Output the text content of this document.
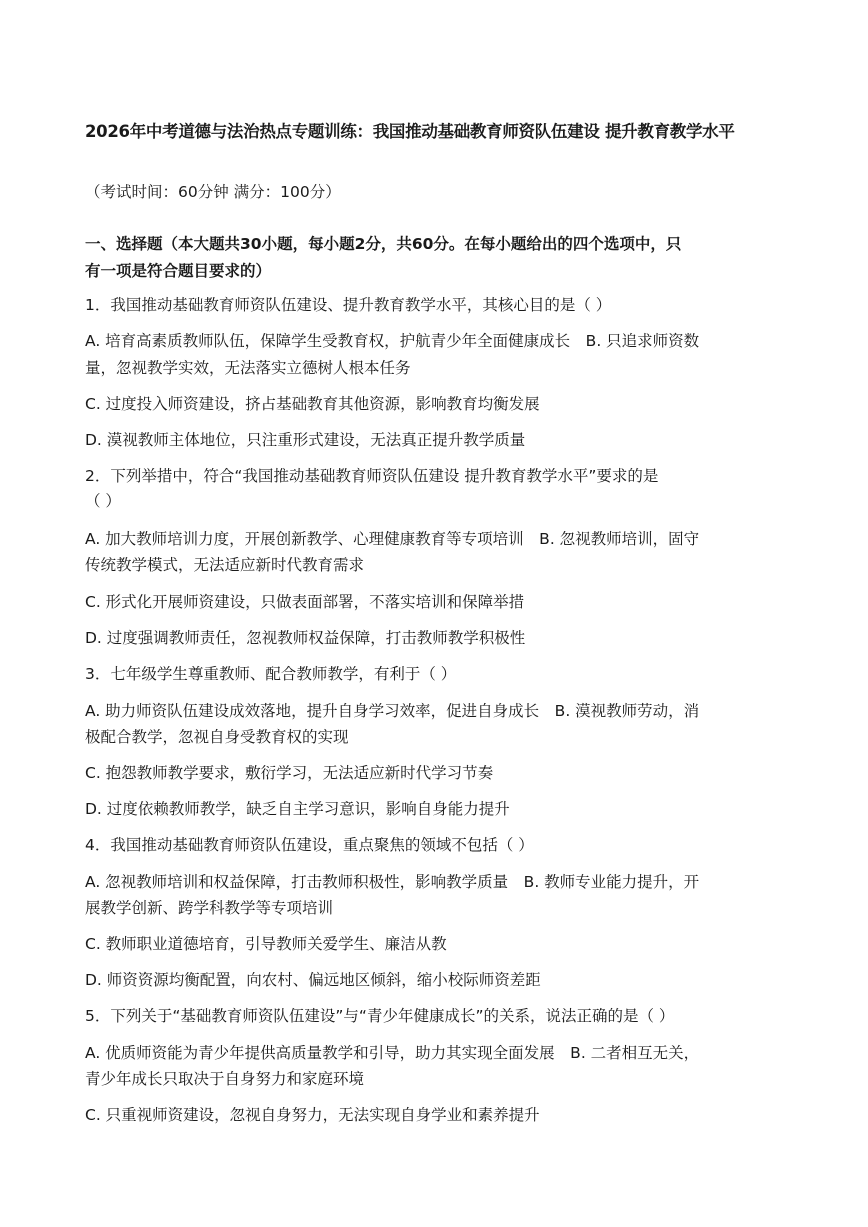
2026年中考道德与法治热点专题训练：我国推动基础教育师资队伍建设 提升教育教学水平
（考试时间：60分钟 满分：100分）
一、选择题（本大题共30小题，每小题2分，共60分。在每小题给出的四个选项中，只
有一项是符合题目要求的）
1．我国推动基础教育师资队伍建设、提升教育教学水平，其核心目的是（ ）
A. 培育高素质教师队伍，保障学生受教育权，护航青少年全面健康成长　B. 只追求师资数
量，忽视教学实效，无法落实立德树人根本任务
C. 过度投入师资建设，挤占基础教育其他资源，影响教育均衡发展
D. 漠视教师主体地位，只注重形式建设，无法真正提升教学质量
2．下列举措中，符合“我国推动基础教育师资队伍建设 提升教育教学水平”要求的是
（ ）
A. 加大教师培训力度，开展创新教学、心理健康教育等专项培训　B. 忽视教师培训，固守
传统教学模式，无法适应新时代教育需求
C. 形式化开展师资建设，只做表面部署，不落实培训和保障举措
D. 过度强调教师责任，忽视教师权益保障，打击教师教学积极性
3．七年级学生尊重教师、配合教师教学，有利于（ ）
A. 助力师资队伍建设成效落地，提升自身学习效率，促进自身成长　B. 漠视教师劳动，消
极配合教学，忽视自身受教育权的实现
C. 抱怨教师教学要求，敷衍学习，无法适应新时代学习节奏
D. 过度依赖教师教学，缺乏自主学习意识，影响自身能力提升
4．我国推动基础教育师资队伍建设，重点聚焦的领域不包括（ ）
A. 忽视教师培训和权益保障，打击教师积极性，影响教学质量　B. 教师专业能力提升，开
展教学创新、跨学科教学等专项培训
C. 教师职业道德培育，引导教师关爱学生、廉洁从教
D. 师资资源均衡配置，向农村、偏远地区倾斜，缩小校际师资差距
5．下列关于“基础教育师资队伍建设”与“青少年健康成长”的关系，说法正确的是（ ）
A. 优质师资能为青少年提供高质量教学和引导，助力其实现全面发展　B. 二者相互无关，
青少年成长只取决于自身努力和家庭环境
C. 只重视师资建设，忽视自身努力，无法实现自身学业和素养提升
